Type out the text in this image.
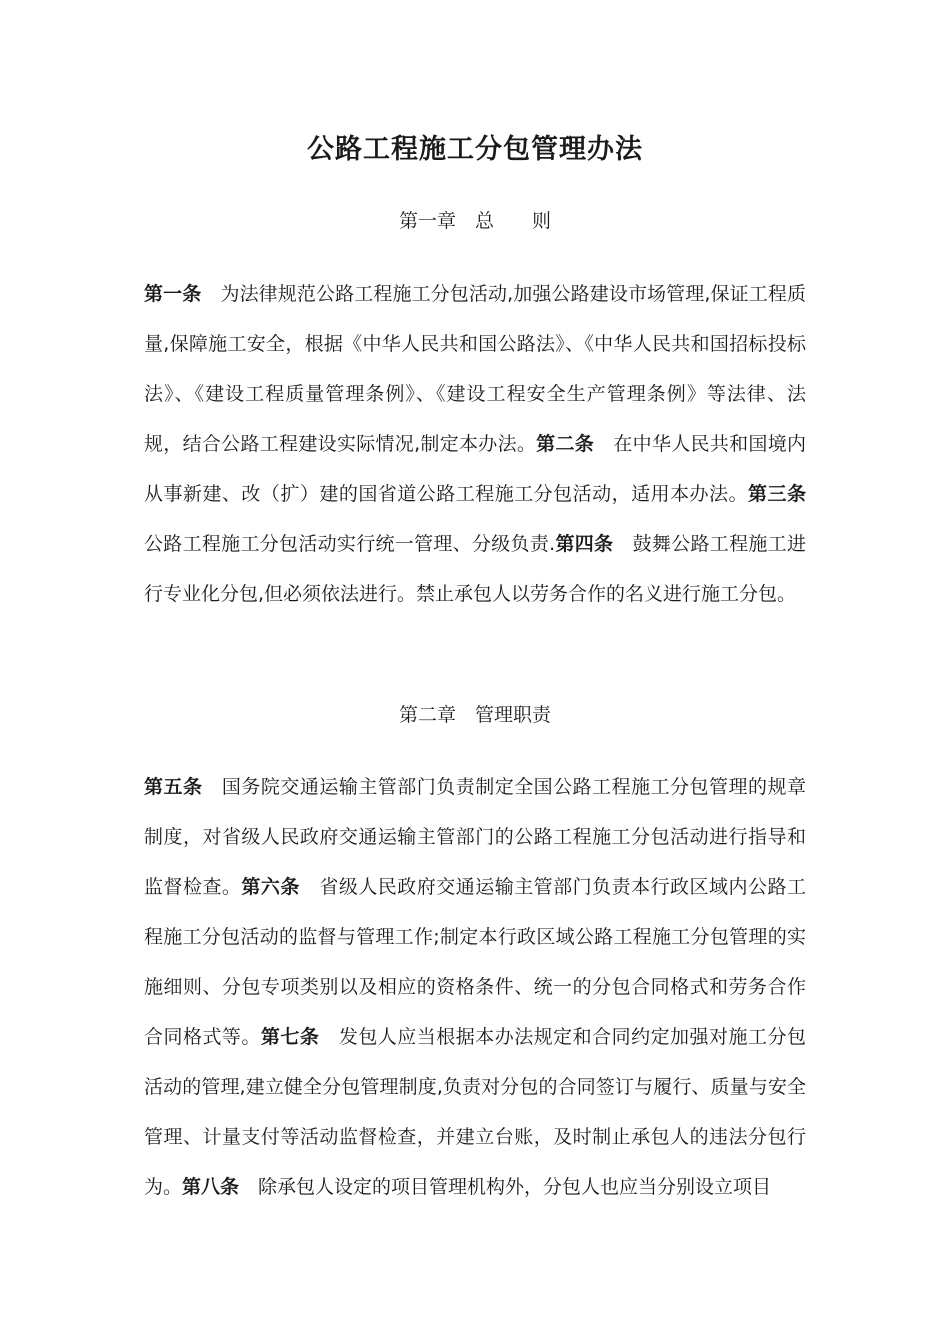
公路工程施工分包管理办法
第一章　总　　则
第一条　为法律规范公路工程施工分包活动,加强公路建设市场管理,保证工程质量,保障施工安全，根据《中华人民共和国公路法》、《中华人民共和国招标投标法》、《建设工程质量管理条例》、《建设工程安全生产管理条例》等法律、法规，结合公路工程建设实际情况,制定本办法。第二条　在中华人民共和国境内从事新建、改（扩）建的国省道公路工程施工分包活动，适用本办法。第三条　公路工程施工分包活动实行统一管理、分级负责.第四条　鼓舞公路工程施工进行专业化分包,但必须依法进行。禁止承包人以劳务合作的名义进行施工分包。
第二章　管理职责
第五条　国务院交通运输主管部门负责制定全国公路工程施工分包管理的规章制度，对省级人民政府交通运输主管部门的公路工程施工分包活动进行指导和监督检查。第六条　省级人民政府交通运输主管部门负责本行政区域内公路工程施工分包活动的监督与管理工作;制定本行政区域公路工程施工分包管理的实施细则、分包专项类别以及相应的资格条件、统一的分包合同格式和劳务合作合同格式等。第七条　发包人应当根据本办法规定和合同约定加强对施工分包活动的管理,建立健全分包管理制度,负责对分包的合同签订与履行、质量与安全管理、计量支付等活动监督检查，并建立台账，及时制止承包人的违法分包行为。第八条　除承包人设定的项目管理机构外，分包人也应当分别设立项目
